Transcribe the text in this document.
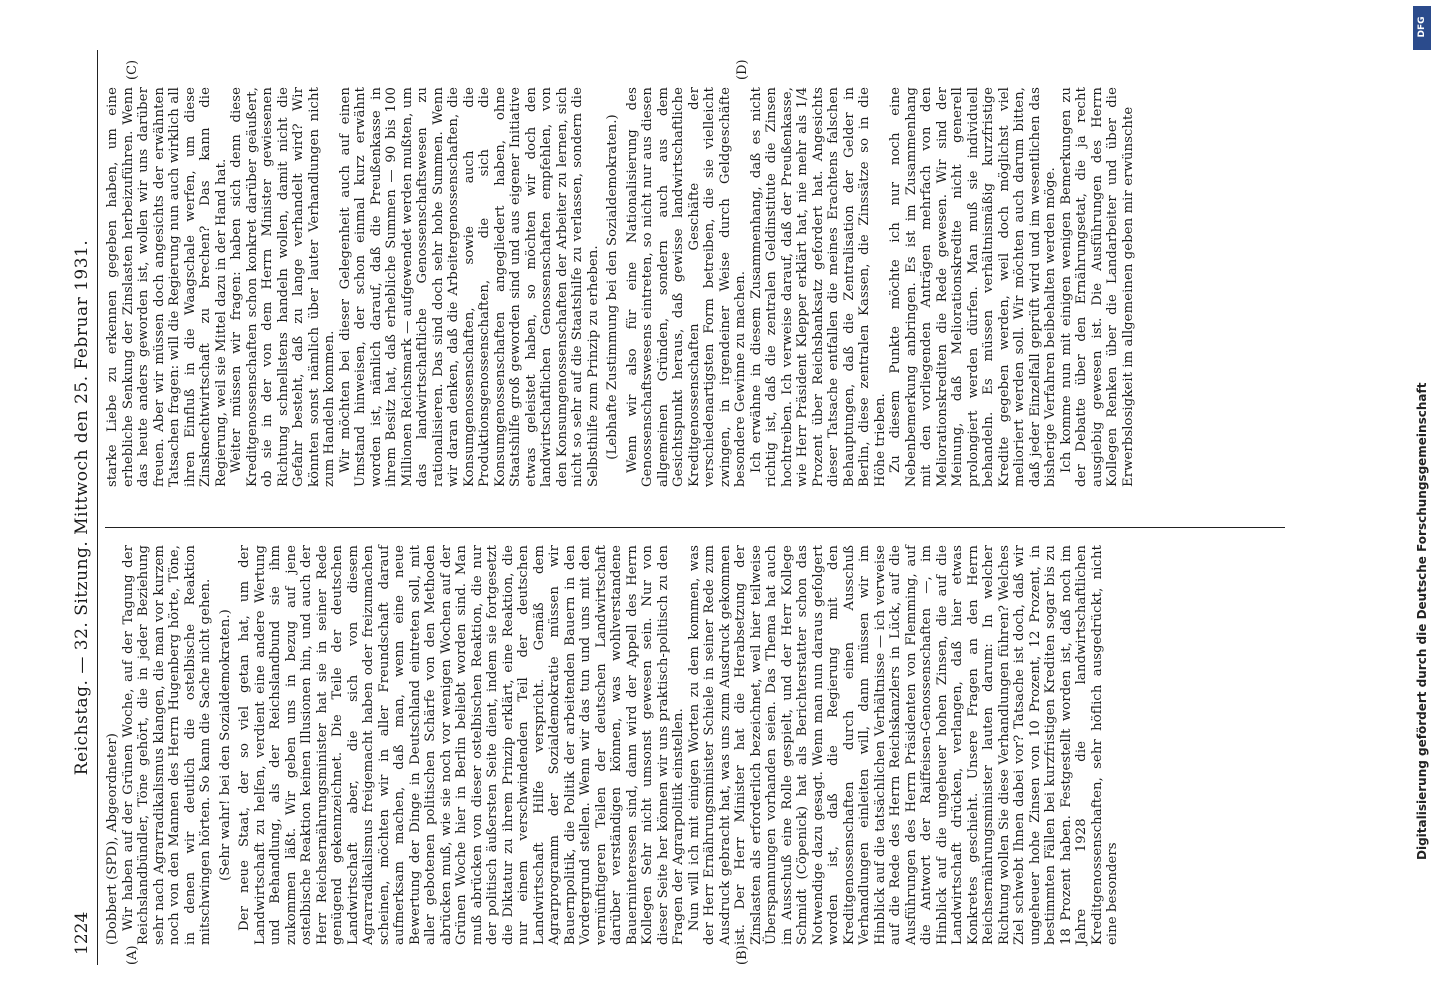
1224
Reichstag. — 32. Sitzung. Mittwoch den 25. Februar 1931.
(A)	(B)
(C)	(D)

(Dobbert (SPD), Abgeordneter) Wir haben auf der Grünen Woche, auf der Tagung der Reichslandbündler, Töne gehört, die in jeder Beziehung sehr nach Agrarradikalismus klangen, die man vor kurzem noch von den Mannen des Herrn Hugenberg hörte, Töne, in denen wir deutlich die ostelbische Reaktion mitschwingen hörten. So kann die Sache nicht gehen. (Sehr wahr! bei den Sozialdemokraten.) Der neue Staat, der so viel getan hat, um der Landwirtschaft zu helfen, verdient eine andere Wertung und Behandlung, als der Reichslandbund sie ihm zukommen läßt. Wir geben uns in bezug auf jene ostelbische Reaktion keinen Illusionen hin, und auch der Herr Reichsernährungsminister hat sie in seiner Rede genügend gekennzeichnet. Die Teile der deutschen Landwirtschaft aber, die sich von diesem Agrarradikalismus freigemacht haben oder freizumachen scheinen, möchten wir in aller Freundschaft darauf aufmerksam machen, daß man, wenn eine neue Bewertung der Dinge in Deutschland eintreten soll, mit aller gebotenen politischen Schärfe von den Methoden abrücken muß, wie sie noch vor wenigen Wochen auf der Grünen Woche hier in Berlin beliebt worden sind. Man muß abrücken von dieser ostelbischen Reaktion, die nur der politisch äußersten Seite dient, indem sie fortgesetzt die Diktatur zu ihrem Prinzip erklärt, eine Reaktion, die nur einem verschwindenden Teil der deutschen Landwirtschaft Hilfe verspricht. Gemäß dem Agrarprogramm der Sozialdemokratie müssen wir Bauernpolitik, die Politik der arbeitenden Bauern in den Vordergrund stellen. Wenn wir das tun und uns mit den vernünftigeren Teilen der deutschen Landwirtschaft darüber verständigen können, was wohlverstandene Bauerninteressen sind, dann wird der Appell des Herrn Kollegen Sehr nicht umsonst gewesen sein. Nur von dieser Seite her können wir uns praktisch-politisch zu den Fragen der Agrarpolitik einstellen. Nun will ich mit einigen Worten zu dem kommen, was der Herr Ernährungsminister Schiele in seiner Rede zum Ausdruck gebracht hat, was uns zum Ausdruck gekommen ist. Der Herr Minister hat die Herabsetzung der Zinslasten als erforderlich bezeichnet, weil hier teilweise Überspannungen vorhanden seien. Das Thema hat auch im Ausschuß eine Rolle gespielt, und der Herr Kollege Schmidt (Cöpenick) hat als Berichterstatter schon das Notwendige dazu gesagt. Wenn man nun daraus gefolgert worden ist, daß die Regierung mit den Kreditgenossenschaften durch einen Ausschuß Verhandlungen einleiten will, dann müssen wir im Hinblick auf die tatsächlichen Verhältnisse — ich verweise auf die Rede des Herrn Reichskanzlers in Lück, auf die Ausführungen des Herrn Präsidenten von Flemming, auf die Antwort der Raiffeisen-Genossenschaften —, im Hinblick auf die ungeheuer hohen Zinsen, die auf die Landwirtschaft drücken, verlangen, daß hier etwas Konkretes geschieht. Unsere Fragen an den Herrn Reichsernährungsminister lauten darum: In welcher Richtung wollen Sie diese Verhandlungen führen? Welches Ziel schwebt Ihnen dabei vor? Tatsache ist doch, daß wir ungeheuer hohe Zinsen von 10 Prozent, 12 Prozent, in bestimmten Fällen bei kurzfristigen Krediten sogar bis zu 18 Prozent haben. Festgestellt worden ist, daß noch im Jahre 1928 die landwirtschaftlichen Kreditgenossenschaften, sehr höflich ausgedrückt, nicht eine besonders

starke Liebe zu erkennen gegeben haben, um eine erhebliche Senkung der Zinslasten herbeizuführen. Wenn das heute anders geworden ist, wollen wir uns darüber freuen. Aber wir müssen doch angesichts der erwähnten Tatsachen fragen: will die Regierung nun auch wirklich all ihren Einfluß in die Waagschale werfen, um diese Zinsknechtwirtschaft zu brechen? Das kann die Regierung, weil sie Mittel dazu in der Hand hat. Weiter müssen wir fragen: haben sich denn diese Kreditgenossenschaften schon konkret darüber geäußert, ob sie in der von dem Herrn Minister gewiesenen Richtung schnellstens handeln wollen, damit nicht die Gefahr besteht, daß zu lange verhandelt wird? Wir könnten sonst nämlich über lauter Verhandlungen nicht zum Handeln kommen. Wir möchten bei dieser Gelegenheit auch auf einen Umstand hinweisen, der schon einmal kurz erwähnt worden ist, nämlich darauf, daß die Preußenkasse in ihrem Besitz hat, daß erhebliche Summen — 90 bis 100 Millionen Reichsmark — aufgewendet werden mußten, um das landwirtschaftliche Genossenschaftswesen zu rationalisieren. Das sind doch sehr hohe Summen. Wenn wir daran denken, daß die Arbeitergenossenschaften, die Konsumgenossenschaften, sowie auch die Produktionsgenossenschaften, die sich die Konsumgenossenschaften angegliedert haben, ohne Staatshilfe groß geworden sind und aus eigener Initiative etwas geleistet haben, so möchten wir doch den landwirtschaftlichen Genossenschaften empfehlen, von den Konsumgenossenschaften der Arbeiter zu lernen, sich nicht so sehr auf die Staatshilfe zu verlassen, sondern die Selbsthilfe zum Prinzip zu erheben. (Lebhafte Zustimmung bei den Sozialdemokraten.) Wenn wir also für eine Nationalisierung des Genossenschaftswesens eintreten, so nicht nur aus diesen allgemeinen Gründen, sondern auch aus dem Gesichtspunkt heraus, daß gewisse landwirtschaftliche Kreditgenossenschaften Geschäfte der verschiedenartigsten Form betreiben, die sie vielleicht zwingen, in irgendeiner Weise durch Geldgeschäfte besondere Gewinne zu machen. Ich erwähne in diesem Zusammenhang, daß es nicht richtig ist, daß die zentralen Geldinstitute die Zinsen hochtreiben. Ich verweise darauf, daß der Preußenkasse, wie Herr Präsident Klepper erklärt hat, nie mehr als 1/4 Prozent über Reichsbanksatz gefordert hat. Angesichts dieser Tatsache entfallen die meines Erachtens falschen Behauptungen, daß die Zentralisation der Gelder in Berlin, diese zentralen Kassen, die Zinssätze so in die Höhe trieben. Zu diesem Punkte möchte ich nur noch eine Nebenbemerkung anbringen. Es ist im Zusammenhang mit den vorliegenden Anträgen mehrfach von den Meliorationskrediten die Rede gewesen. Wir sind der Meinung, daß Meliorationskredite nicht generell prolongiert werden dürfen. Man muß sie individuell behandeln. Es müssen verhältnismäßig kurzfristige Kredite gegeben werden, weil doch möglichst viel melioriert werden soll. Wir möchten auch darum bitten, daß jeder Einzelfall geprüft wird und im wesentlichen das bisherige Verfahren beibehalten werden möge. Ich komme nun mit einigen wenigen Bemerkungen zu der Debatte über den Ernährungsetat, die ja recht ausgiebig gewesen ist. Die Ausführungen des Herrn Kollegen Renken über die Landarbeiter und über die Erwerbslosigkeit im allgemeinen geben mir erwünschte

DFG
Digitalisierung gefördert durch die Deutsche Forschungsgemeinschaft
